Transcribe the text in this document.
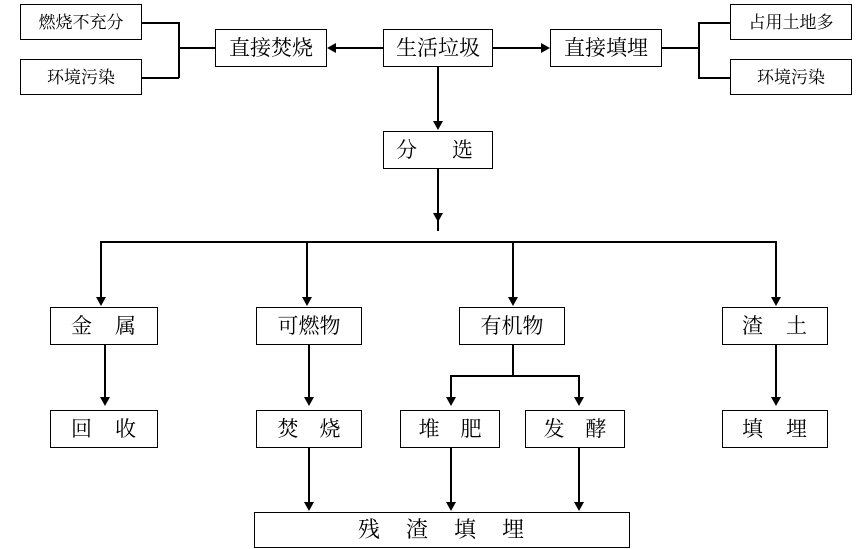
燃烧不充分
环境污染
直接焚烧	生活垃圾	直接填埋
占用土地多
环境污染
分　选
金　属	可燃物	有机物	渣　土
回　收	焚　烧	堆　肥	发　酵	填　埋
残　渣　填　埋
